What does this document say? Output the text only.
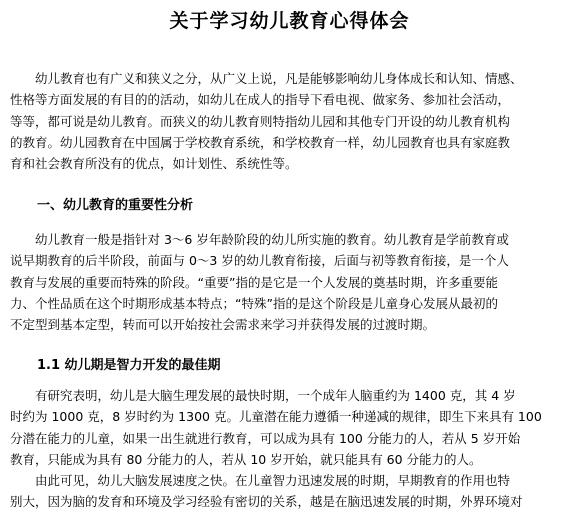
关于学习幼儿教育心得体会
　　幼儿教育也有广义和狭义之分，从广义上说，凡是能够影响幼儿身体成长和认知、情感、
性格等方面发展的有目的的活动，如幼儿在成人的指导下看电视、做家务、参加社会活动，
等等，都可说是幼儿教育。而狭义的幼儿教育则特指幼儿园和其他专门开设的幼儿教育机构
的教育。幼儿园教育在中国属于学校教育系统，和学校教育一样，幼儿园教育也具有家庭教
育和社会教育所没有的优点，如计划性、系统性等。
一、幼儿教育的重要性分析
　　幼儿教育一般是指针对 3～6 岁年龄阶段的幼儿所实施的教育。幼儿教育是学前教育或
说早期教育的后半阶段，前面与 0～3 岁的幼儿教育衔接，后面与初等教育衔接，是一个人
教育与发展的重要而特殊的阶段。“重要”指的是它是一个人发展的奠基时期，许多重要能
力、个性品质在这个时期形成基本特点；“特殊”指的是这个阶段是儿童身心发展从最初的
不定型到基本定型，转而可以开始按社会需求来学习并获得发展的过渡时期。
1.1 幼儿期是智力开发的最佳期
　　有研究表明，幼儿是大脑生理发展的最快时期，一个成年人脑重约为 1400 克，其 4 岁
时约为 1000 克，8 岁时约为 1300 克。儿童潜在能力遵循一种递减的规律，即生下来具有 100
分潜在能力的儿童，如果一出生就进行教育，可以成为具有 100 分能力的人，若从 5 岁开始
教育，只能成为具有 80 分能力的人，若从 10 岁开始，就只能具有 60 分能力的人。
　　由此可见，幼儿大脑发展速度之快。在儿童智力迅速发展的时期，早期教育的作用也特
别大，因为脑的发育和环境及学习经验有密切的关系，越是在脑迅速发展的时期，外界环境对
